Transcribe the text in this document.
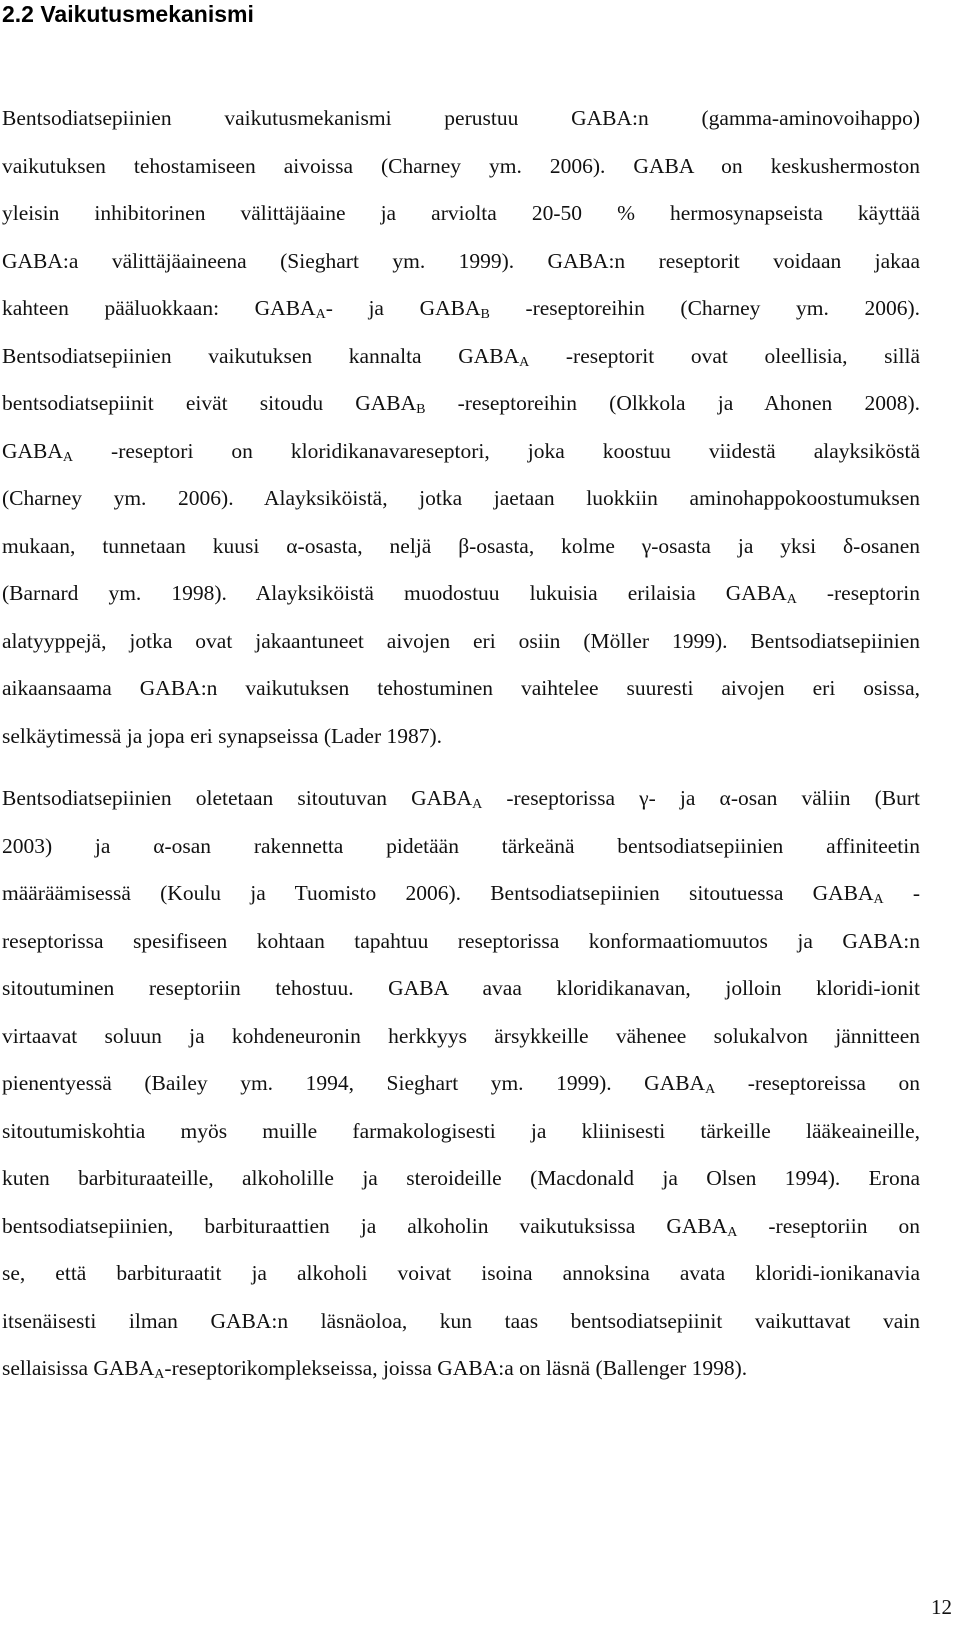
2.2 Vaikutusmekanismi
Bentsodiatsepiinien vaikutusmekanismi perustuu GABA:n (gamma-aminovoihappo)
vaikutuksen tehostamiseen aivoissa (Charney ym. 2006). GABA on keskushermoston
yleisin inhibitorinen välittäjäaine ja arviolta 20-50 % hermosynapseista käyttää
GABA:a välittäjäaineena (Sieghart ym. 1999). GABA:n reseptorit voidaan jakaa
kahteen pääluokkaan: $GABA_A-$ ja $GABA_B$ -reseptoreihin (Charney ym. 2006).
Bentsodiatsepiinien vaikutuksen kannalta $GABA_A$ -reseptorit ovat oleellisia, sillä
bentsodiatsepiinit eivät sitoudu $GABA_B$ -reseptoreihin (Olkkola ja Ahonen 2008).
$GABA_A$ -reseptori on kloridikanavareseptori, joka koostuu viidestä alayksiköstä
(Charney ym. 2006). Alayksiköistä, jotka jaetaan luokkiin aminohappokoostumuksen
mukaan, tunnetaan kuusi α-osasta, neljä β-osasta, kolme γ-osasta ja yksi δ-osanen
(Barnard ym. 1998). Alayksiköistä muodostuu lukuisia erilaisia $GABA_A$ -reseptorin
alatyyppejä, jotka ovat jakaantuneet aivojen eri osiin (Möller 1999). Bentsodiatsepiinien
aikaansaama GABA:n vaikutuksen tehostuminen vaihtelee suuresti aivojen eri osissa,
selkäytimessä ja jopa eri synapseissa (Lader 1987).
Bentsodiatsepiinien oletetaan sitoutuvan $GABA_A$ -reseptorissa γ- ja α-osan väliin (Burt
2003) ja α-osan rakennetta pidetään tärkeänä bentsodiatsepiinien affiniteetin
määräämisessä (Koulu ja Tuomisto 2006). Bentsodiatsepiinien sitoutuessa $GABA_A$ -
reseptorissa spesifiseen kohtaan tapahtuu reseptorissa konformaatiomuutos ja GABA:n
sitoutuminen reseptoriin tehostuu. GABA avaa kloridikanavan, jolloin kloridi-ionit
virtaavat soluun ja kohdeneuronin herkkyys ärsykkeille vähenee solukalvon jännitteen
pienentyessä (Bailey ym. 1994, Sieghart ym. 1999). $GABA_A$ -reseptoreissa on
sitoutumiskohtia myös muille farmakologisesti ja kliinisesti tärkeille lääkeaineille,
kuten barbituraateille, alkoholille ja steroideille (Macdonald ja Olsen 1994). Erona
bentsodiatsepiinien, barbituraattien ja alkoholin vaikutuksissa $GABA_A$ -reseptoriin on
se, että barbituraatit ja alkoholi voivat isoina annoksina avata kloridi-ionikanavia
itsenäisesti ilman GABA:n läsnäoloa, kun taas bentsodiatsepiinit vaikuttavat vain
sellaisissa $GABA_A$-reseptorikompleksеissa, joissa GABA:a on läsnä (Ballenger 1998).
12
